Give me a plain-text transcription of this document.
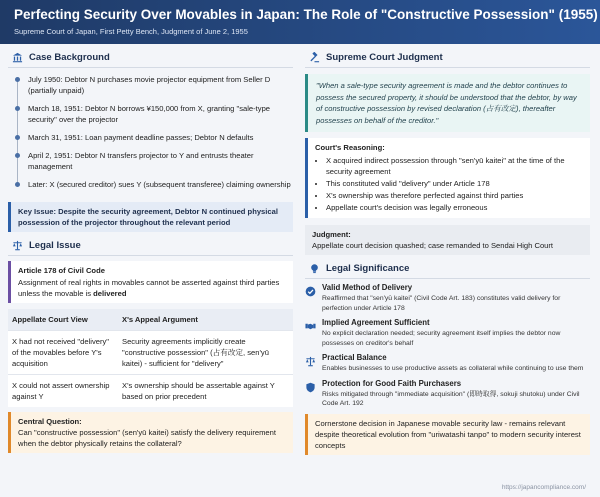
Perfecting Security Over Movables in Japan: The Role of "Constructive Possession" (1955)
Supreme Court of Japan, First Petty Bench, Judgment of June 2, 1955
Case Background
July 1950: Debtor N purchases movie projector equipment from Seller D (partially unpaid)
March 18, 1951: Debtor N borrows ¥150,000 from X, granting "sale-type security" over the projector
March 31, 1951: Loan payment deadline passes; Debtor N defaults
April 2, 1951: Debtor N transfers projector to Y and entrusts theater management
Later: X (secured creditor) sues Y (subsequent transferee) claiming ownership
Key Issue: Despite the security agreement, Debtor N continued physical possession of the projector throughout the relevant period
Legal Issue
Article 178 of Civil Code
Assignment of real rights in movables cannot be asserted against third parties unless the movable is delivered
Appellate Court View	X's Appeal Argument
X had not received "delivery" of the movables before Y's acquisition	Security agreements implicitly create "constructive possession" (占有改定, sen'yū kaitei) - sufficient for "delivery"
X could not assert ownership against Y	X's ownership should be assertable against Y based on prior precedent
Central Question:
Can "constructive possession" (sen'yū kaitei) satisfy the delivery requirement when the debtor physically retains the collateral?
Supreme Court Judgment
"When a sale-type security agreement is made and the debtor continues to possess the secured property, it should be understood that the debtor, by way of constructive possession by revised declaration (占有改定), thereafter possesses on behalf of the creditor."
Court's Reasoning:
• X acquired indirect possession through "sen'yū kaitei" at the time of the security agreement
• This constituted valid "delivery" under Article 178
• X's ownership was therefore perfected against third parties
• Appellate court's decision was legally erroneous
Judgment:
Appellate court decision quashed; case remanded to Sendai High Court
Legal Significance
Valid Method of Delivery
Reaffirmed that "sen'yū kaitei" (Civil Code Art. 183) constitutes valid delivery for perfection under Article 178
Implied Agreement Sufficient
No explicit declaration needed; security agreement itself implies the debtor now possesses on creditor's behalf
Practical Balance
Enables businesses to use productive assets as collateral while continuing to use them
Protection for Good Faith Purchasers
Risks mitigated through "immediate acquisition" (即時取得, sokuji shutoku) under Civil Code Art. 192
Cornerstone decision in Japanese movable security law - remains relevant despite theoretical evolution from "uriwatashi tanpo" to modern security interest concepts
https://japancompliance.com/
